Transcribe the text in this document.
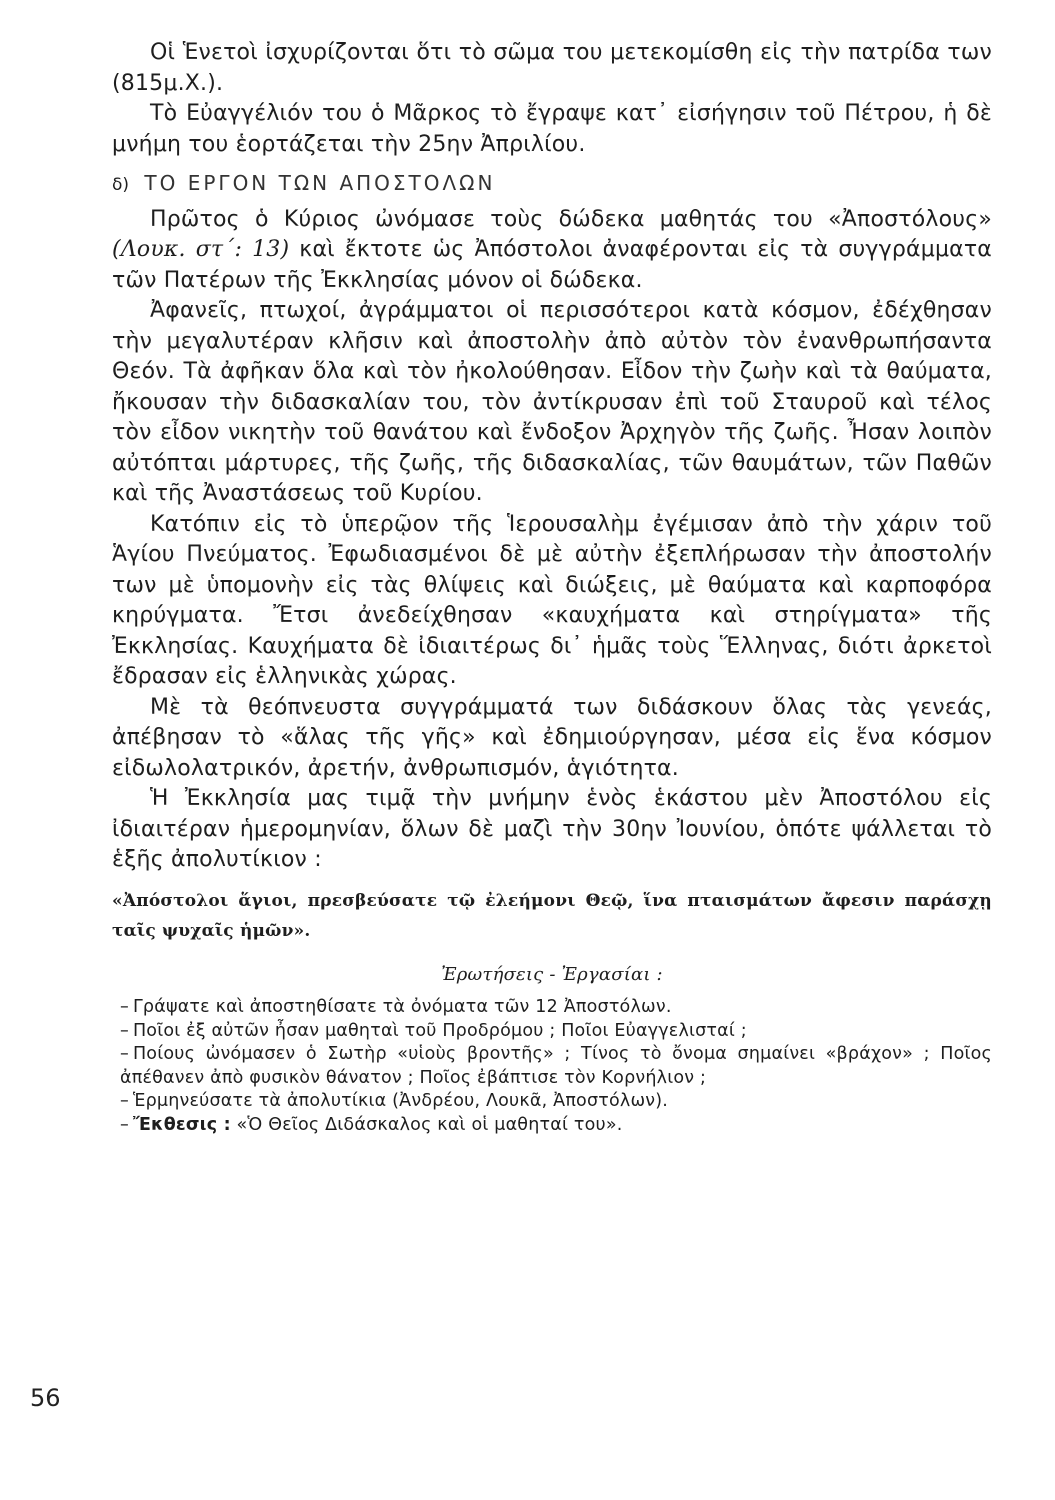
Οἱ Ἑνετοὶ ἰσχυρίζονται ὅτι τὸ σῶμα του μετεκομίσθη εἰς τὴν πατρίδα των (815μ.Χ.).

Τὸ Εὐαγγέλιόν του ὁ Μᾶρκος τὸ ἔγραψε κατ᾽ εἰσήγησιν τοῦ Πέτρου, ἡ δὲ μνήμη του ἑορτάζεται τὴν 25ην Ἀπριλίου.

δ) ΤΟ ΕΡΓΟΝ ΤΩΝ ΑΠΟΣΤΟΛΩΝ

Πρῶτος ὁ Κύριος ὠνόμασε τοὺς δώδεκα μαθητάς του «Ἀποστόλους» (Λουκ. στ´: 13) καὶ ἔκτοτε ὡς Ἀπόστολοι ἀναφέρονται εἰς τὰ συγγράμματα τῶν Πατέρων τῆς Ἐκκλησίας μόνον οἱ δώδεκα.

Ἀφανεῖς, πτωχοί, ἀγράμματοι οἱ περισσότεροι κατὰ κόσμον, ἐδέχθησαν τὴν μεγαλυτέραν κλῆσιν καὶ ἀποστολὴν ἀπὸ αὐτὸν τὸν ἐνανθρωπήσαντα Θεόν. Τὰ ἀφῆκαν ὅλα καὶ τὸν ἠκολούθησαν. Εἶδον τὴν ζωὴν καὶ τὰ θαύματα, ἤκουσαν τὴν διδασκαλίαν του, τὸν ἀντίκρυσαν ἐπὶ τοῦ Σταυροῦ καὶ τέλος τὸν εἶδον νικητὴν τοῦ θανάτου καὶ ἔνδοξον Ἀρχηγὸν τῆς ζωῆς. Ἦσαν λοιπὸν αὐτόπται μάρτυρες, τῆς ζωῆς, τῆς διδασκαλίας, τῶν θαυμάτων, τῶν Παθῶν καὶ τῆς Ἀναστάσεως τοῦ Κυρίου.

Κατόπιν εἰς τὸ ὑπερῷον τῆς Ἱερουσαλὴμ ἐγέμισαν ἀπὸ τὴν χάριν τοῦ Ἁγίου Πνεύματος. Ἐφωδιασμένοι δὲ μὲ αὐτὴν ἐξεπλήρωσαν τὴν ἀποστολήν των μὲ ὑπομονὴν εἰς τὰς θλίψεις καὶ διώξεις, μὲ θαύματα καὶ καρποφόρα κηρύγματα. Ἔτσι ἀνεδείχθησαν «καυχήματα καὶ στηρίγματα» τῆς Ἐκκλησίας. Καυχήματα δὲ ἰδιαιτέρως δι᾽ ἡμᾶς τοὺς Ἕλληνας, διότι ἀρκετοὶ ἔδρασαν εἰς ἑλληνικὰς χώρας.

Μὲ τὰ θεόπνευστα συγγράμματά των διδάσκουν ὅλας τὰς γενεάς, ἀπέβησαν τὸ «ἅλας τῆς γῆς» καὶ ἐδημιούργησαν, μέσα εἰς ἕνα κόσμον εἰδωλολατρικόν, ἀρετήν, ἀνθρωπισμόν, ἁγιότητα.

Ἡ Ἐκκλησία μας τιμᾷ τὴν μνήμην ἑνὸς ἑκάστου μὲν Ἀποστόλου εἰς ἰδιαιτέραν ἡμερομηνίαν, ὅλων δὲ μαζὶ τὴν 30ην Ἰουνίου, ὁπότε ψάλλεται τὸ ἑξῆς ἀπολυτίκιον :

«Ἀπόστολοι ἅγιοι, πρεσβεύσατε τῷ ἐλεήμονι Θεῷ, ἵνα πταισμάτων ἄφεσιν παράσχῃ ταῖς ψυχαῖς ἡμῶν».

Ἐρωτήσεις - Ἐργασίαι :

– Γράψατε καὶ ἀποστηθίσατε τὰ ὀνόματα τῶν 12 Ἀποστόλων.
– Ποῖοι ἐξ αὐτῶν ἦσαν μαθηταὶ τοῦ Προδρόμου ; Ποῖοι Εὐαγγελισταί ;
– Ποίους ὠνόμασεν ὁ Σωτὴρ «υἱοὺς βροντῆς» ; Τίνος τὸ ὄνομα σημαίνει «βράχον» ; Ποῖος ἀπέθανεν ἀπὸ φυσικὸν θάνατον ; Ποῖος ἐβάπτισε τὸν Κορνήλιον ;
– Ἑρμηνεύσατε τὰ ἀπολυτίκια (Ἀνδρέου, Λουκᾶ, Ἀποστόλων).
– Ἔκθεσις : «Ὁ Θεῖος Διδάσκαλος καὶ οἱ μαθηταί του».
56
